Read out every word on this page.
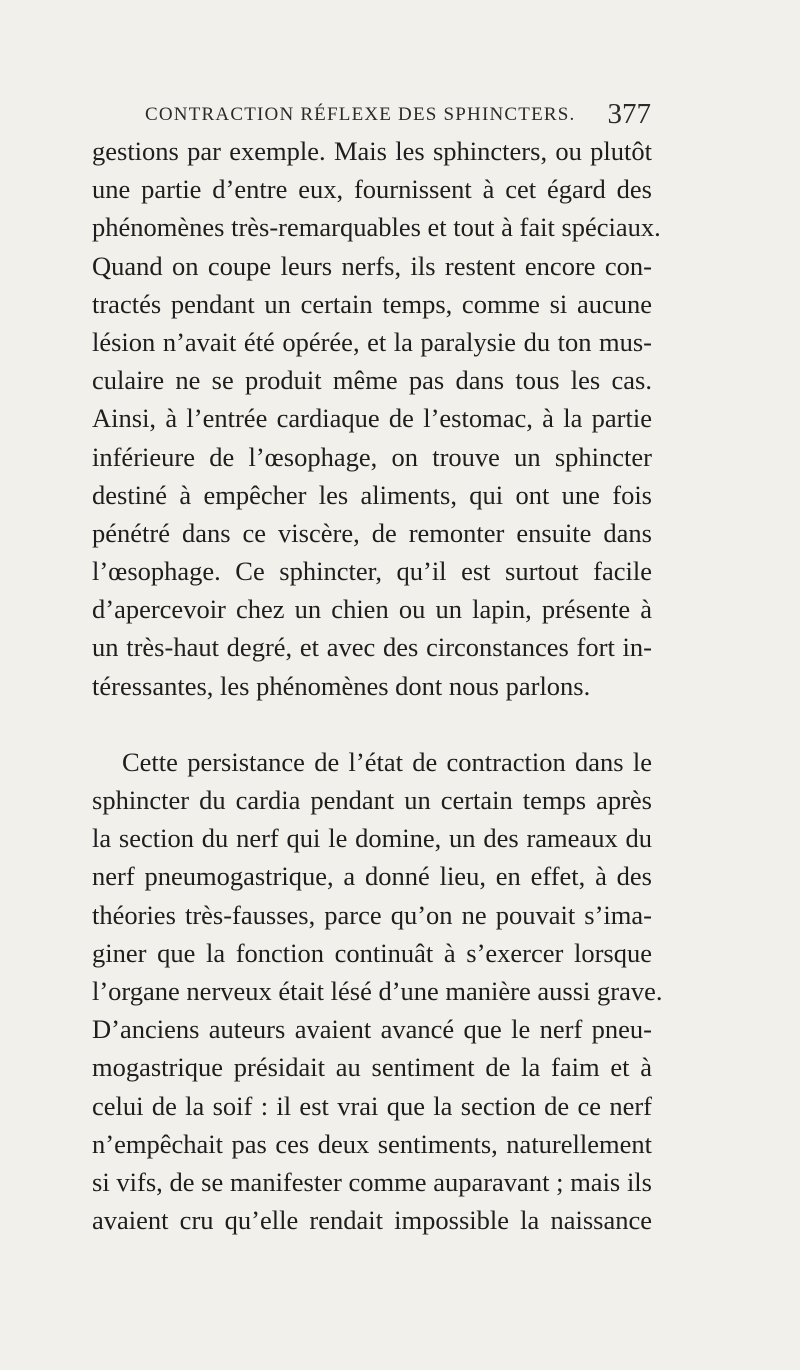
CONTRACTION RÉFLEXE DES SPHINCTERS. 377
gestions par exemple. Mais les sphincters, ou plutôt
une partie d’entre eux, fournissent à cet égard des
phénomènes très-remarquables et tout à fait spéciaux.
Quand on coupe leurs nerfs, ils restent encore con-
tractés pendant un certain temps, comme si aucune
lésion n’avait été opérée, et la paralysie du ton mus-
culaire ne se produit même pas dans tous les cas.
Ainsi, à l’entrée cardiaque de l’estomac, à la partie
inférieure de l’œsophage, on trouve un sphincter
destiné à empêcher les aliments, qui ont une fois
pénétré dans ce viscère, de remonter ensuite dans
l’œsophage. Ce sphincter, qu’il est surtout facile
d’apercevoir chez un chien ou un lapin, présente à
un très-haut degré, et avec des circonstances fort in-
téressantes, les phénomènes dont nous parlons.
Cette persistance de l’état de contraction dans le
sphincter du cardia pendant un certain temps après
la section du nerf qui le domine, un des rameaux du
nerf pneumogastrique, a donné lieu, en effet, à des
théories très-fausses, parce qu’on ne pouvait s’ima-
giner que la fonction continuât à s’exercer lorsque
l’organe nerveux était lésé d’une manière aussi grave.
D’anciens auteurs avaient avancé que le nerf pneu-
mogastrique présidait au sentiment de la faim et à
celui de la soif : il est vrai que la section de ce nerf
n’empêchait pas ces deux sentiments, naturellement
si vifs, de se manifester comme auparavant ; mais ils
avaient cru qu’elle rendait impossible la naissance
